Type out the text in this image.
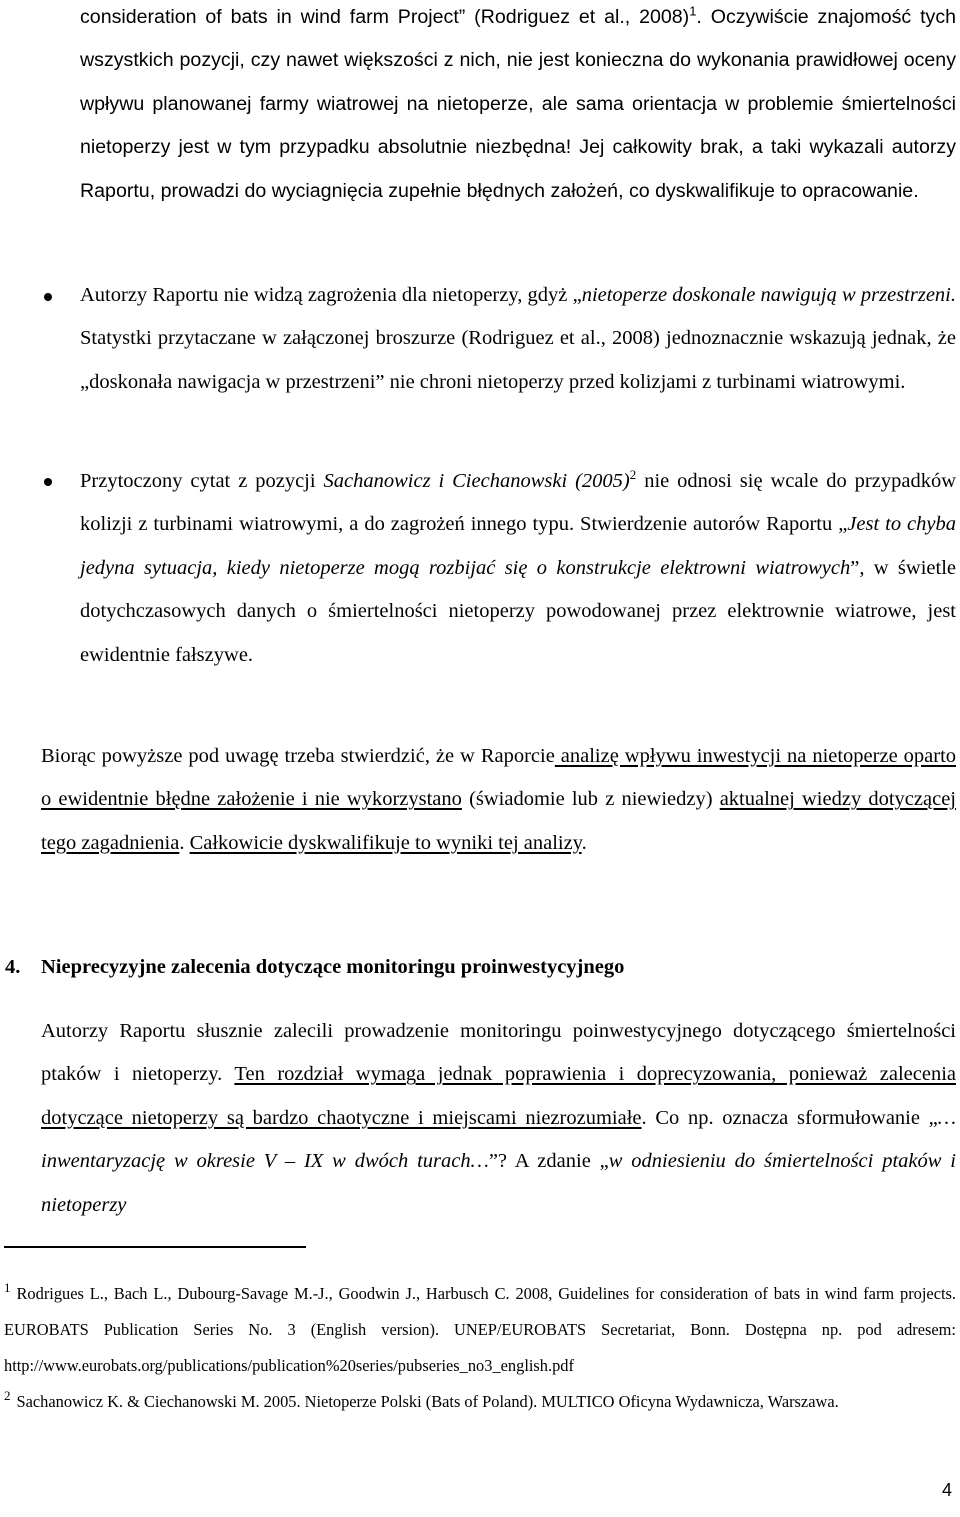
consideration of bats in wind farm Project” (Rodriguez et al., 2008)$^1$. Oczywiście znajomość tych wszystkich pozycji, czy nawet większości z nich, nie jest konieczna do wykonania prawidłowej oceny wpływu planowanej farmy wiatrowej na nietoperze, ale sama orientacja w problemie śmiertelności nietoperzy jest w tym przypadku absolutnie niezbędna! Jej całkowity brak, a taki wykazali autorzy Raportu, prowadzi do wyciagnięcia zupełnie błędnych założeń, co dyskwalifikuje to opracowanie.
Autorzy Raportu nie widzą zagrożenia dla nietoperzy, gdyż „nietoperze doskonale nawigują w przestrzeni. Statystki przytaczane w załączonej broszurze (Rodriguez et al., 2008) jednoznacznie wskazują jednak, że „doskonała nawigacja w przestrzeni” nie chroni nietoperzy przed kolizjami z turbinami wiatrowymi.
Przytoczony cytat z pozycji Sachanowicz i Ciechanowski $(2005)^2$ nie odnosi się wcale do przypadków kolizji z turbinami wiatrowymi, a do zagrożeń innego typu. Stwierdzenie autorów Raportu „Jest to chyba jedyna sytuacja, kiedy nietoperze mogą rozbijać się o konstrukcje elektrowni wiatrowych”, w świetle dotychczasowych danych o śmiertelności nietoperzy powodowanej przez elektrownie wiatrowe, jest ewidentnie fałszywe.
Biorąc powyższe pod uwagę trzeba stwierdzić, że w Raporcie analizę wpływu inwestycji na nietoperze oparto o ewidentnie błędne założenie i nie wykorzystano (świadomie lub z niewiedzy) aktualnej wiedzy dotyczącej tego zagadnienia. Całkowicie dyskwalifikuje to wyniki tej analizy.
4. Nieprecyzyjne zalecenia dotyczące monitoringu proinwestycyjnego
Autorzy Raportu słusznie zalecili prowadzenie monitoringu poinwestycyjnego dotyczącego śmiertelności ptaków i nietoperzy. Ten rozdział wymaga jednak poprawienia i doprecyzowania, ponieważ zalecenia dotyczące nietoperzy są bardzo chaotyczne i miejscami niezrozumiałe. Co np. oznacza sformułowanie „…inwentaryzację w okresie V – IX w dwóch turach…”? A zdanie „w odniesieniu do śmiertelności ptaków i nietoperzy
$^1$ Rodrigues L., Bach L., Dubourg-Savage M.-J., Goodwin J., Harbusch C. 2008, Guidelines for consideration of bats in wind farm projects. EUROBATS Publication Series No. 3 (English version). UNEP/EUROBATS Secretariat, Bonn. Dostępna np. pod adresem: http://www.eurobats.org/publications/publication%20series/pubseries_no3_english.pdf
$^2$ Sachanowicz K. & Ciechanowski M. 2005. Nietoperze Polski (Bats of Poland). MULTICO Oficyna Wydawnicza, Warszawa.
4
